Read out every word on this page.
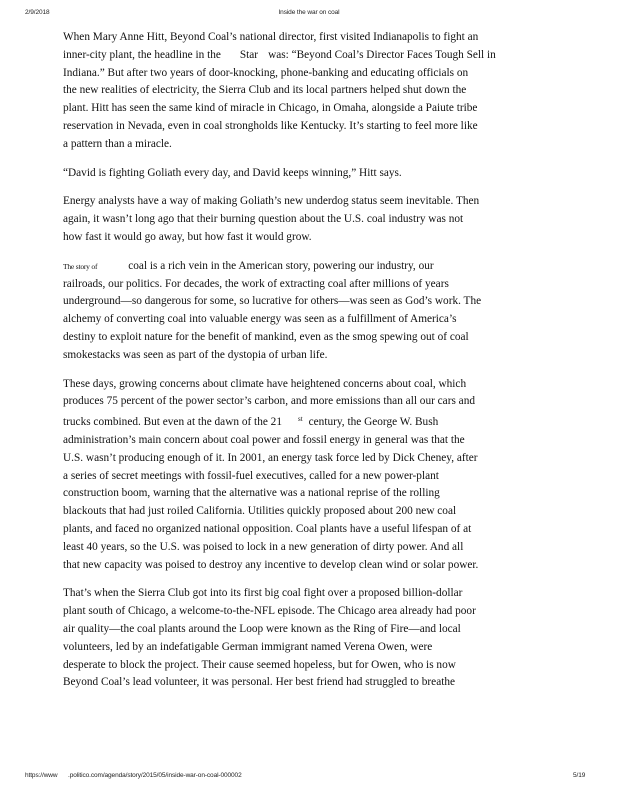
2/9/2018	Inside the war on coal
When Mary Anne Hitt, Beyond Coal’s national director, first visited Indianapolis to fight an
inner-city plant, the headline in the Star was: “Beyond Coal’s Director Faces Tough Sell in
Indiana.” But after two years of door-knocking, phone-banking and educating officials on
the new realities of electricity, the Sierra Club and its local partners helped shut down the
plant. Hitt has seen the same kind of miracle in Chicago, in Omaha, alongside a Paiute tribe
reservation in Nevada, even in coal strongholds like Kentucky. It’s starting to feel more like
a pattern than a miracle.
“David is fighting Goliath every day, and David keeps winning,” Hitt says.
Energy analysts have a way of making Goliath’s new underdog status seem inevitable. Then
again, it wasn’t long ago that their burning question about the U.S. coal industry was not
how fast it would go away, but how fast it would grow.
The story of	coal is a rich vein in the American story, powering our industry, our
railroads, our politics. For decades, the work of extracting coal after millions of years
underground—so dangerous for some, so lucrative for others—was seen as God’s work. The
alchemy of converting coal into valuable energy was seen as a fulfillment of America’s
destiny to exploit nature for the benefit of mankind, even as the smog spewing out of coal
smokestacks was seen as part of the dystopia of urban life.
These days, growing concerns about climate have heightened concerns about coal, which
produces 75 percent of the power sector’s carbon, and more emissions than all our cars and
trucks combined. But even at the dawn of the 21 $^{st}$ century, the George W. Bush
administration’s main concern about coal power and fossil energy in general was that the
U.S. wasn’t producing enough of it. In 2001, an energy task force led by Dick Cheney, after
a series of secret meetings with fossil-fuel executives, called for a new power-plant
construction boom, warning that the alternative was a national reprise of the rolling
blackouts that had just roiled California. Utilities quickly proposed about 200 new coal
plants, and faced no organized national opposition. Coal plants have a useful lifespan of at
least 40 years, so the U.S. was poised to lock in a new generation of dirty power. And all
that new capacity was poised to destroy any incentive to develop clean wind or solar power.
That’s when the Sierra Club got into its first big coal fight over a proposed billion-dollar
plant south of Chicago, a welcome-to-the-NFL episode. The Chicago area already had poor
air quality—the coal plants around the Loop were known as the Ring of Fire—and local
volunteers, led by an indefatigable German immigrant named Verena Owen, were
desperate to block the project. Their cause seemed hopeless, but for Owen, who is now
Beyond Coal’s lead volunteer, it was personal. Her best friend had struggled to breathe
https://www .politico.com/agenda/story/2015/05/inside-war-on-coal-000002	5/19
